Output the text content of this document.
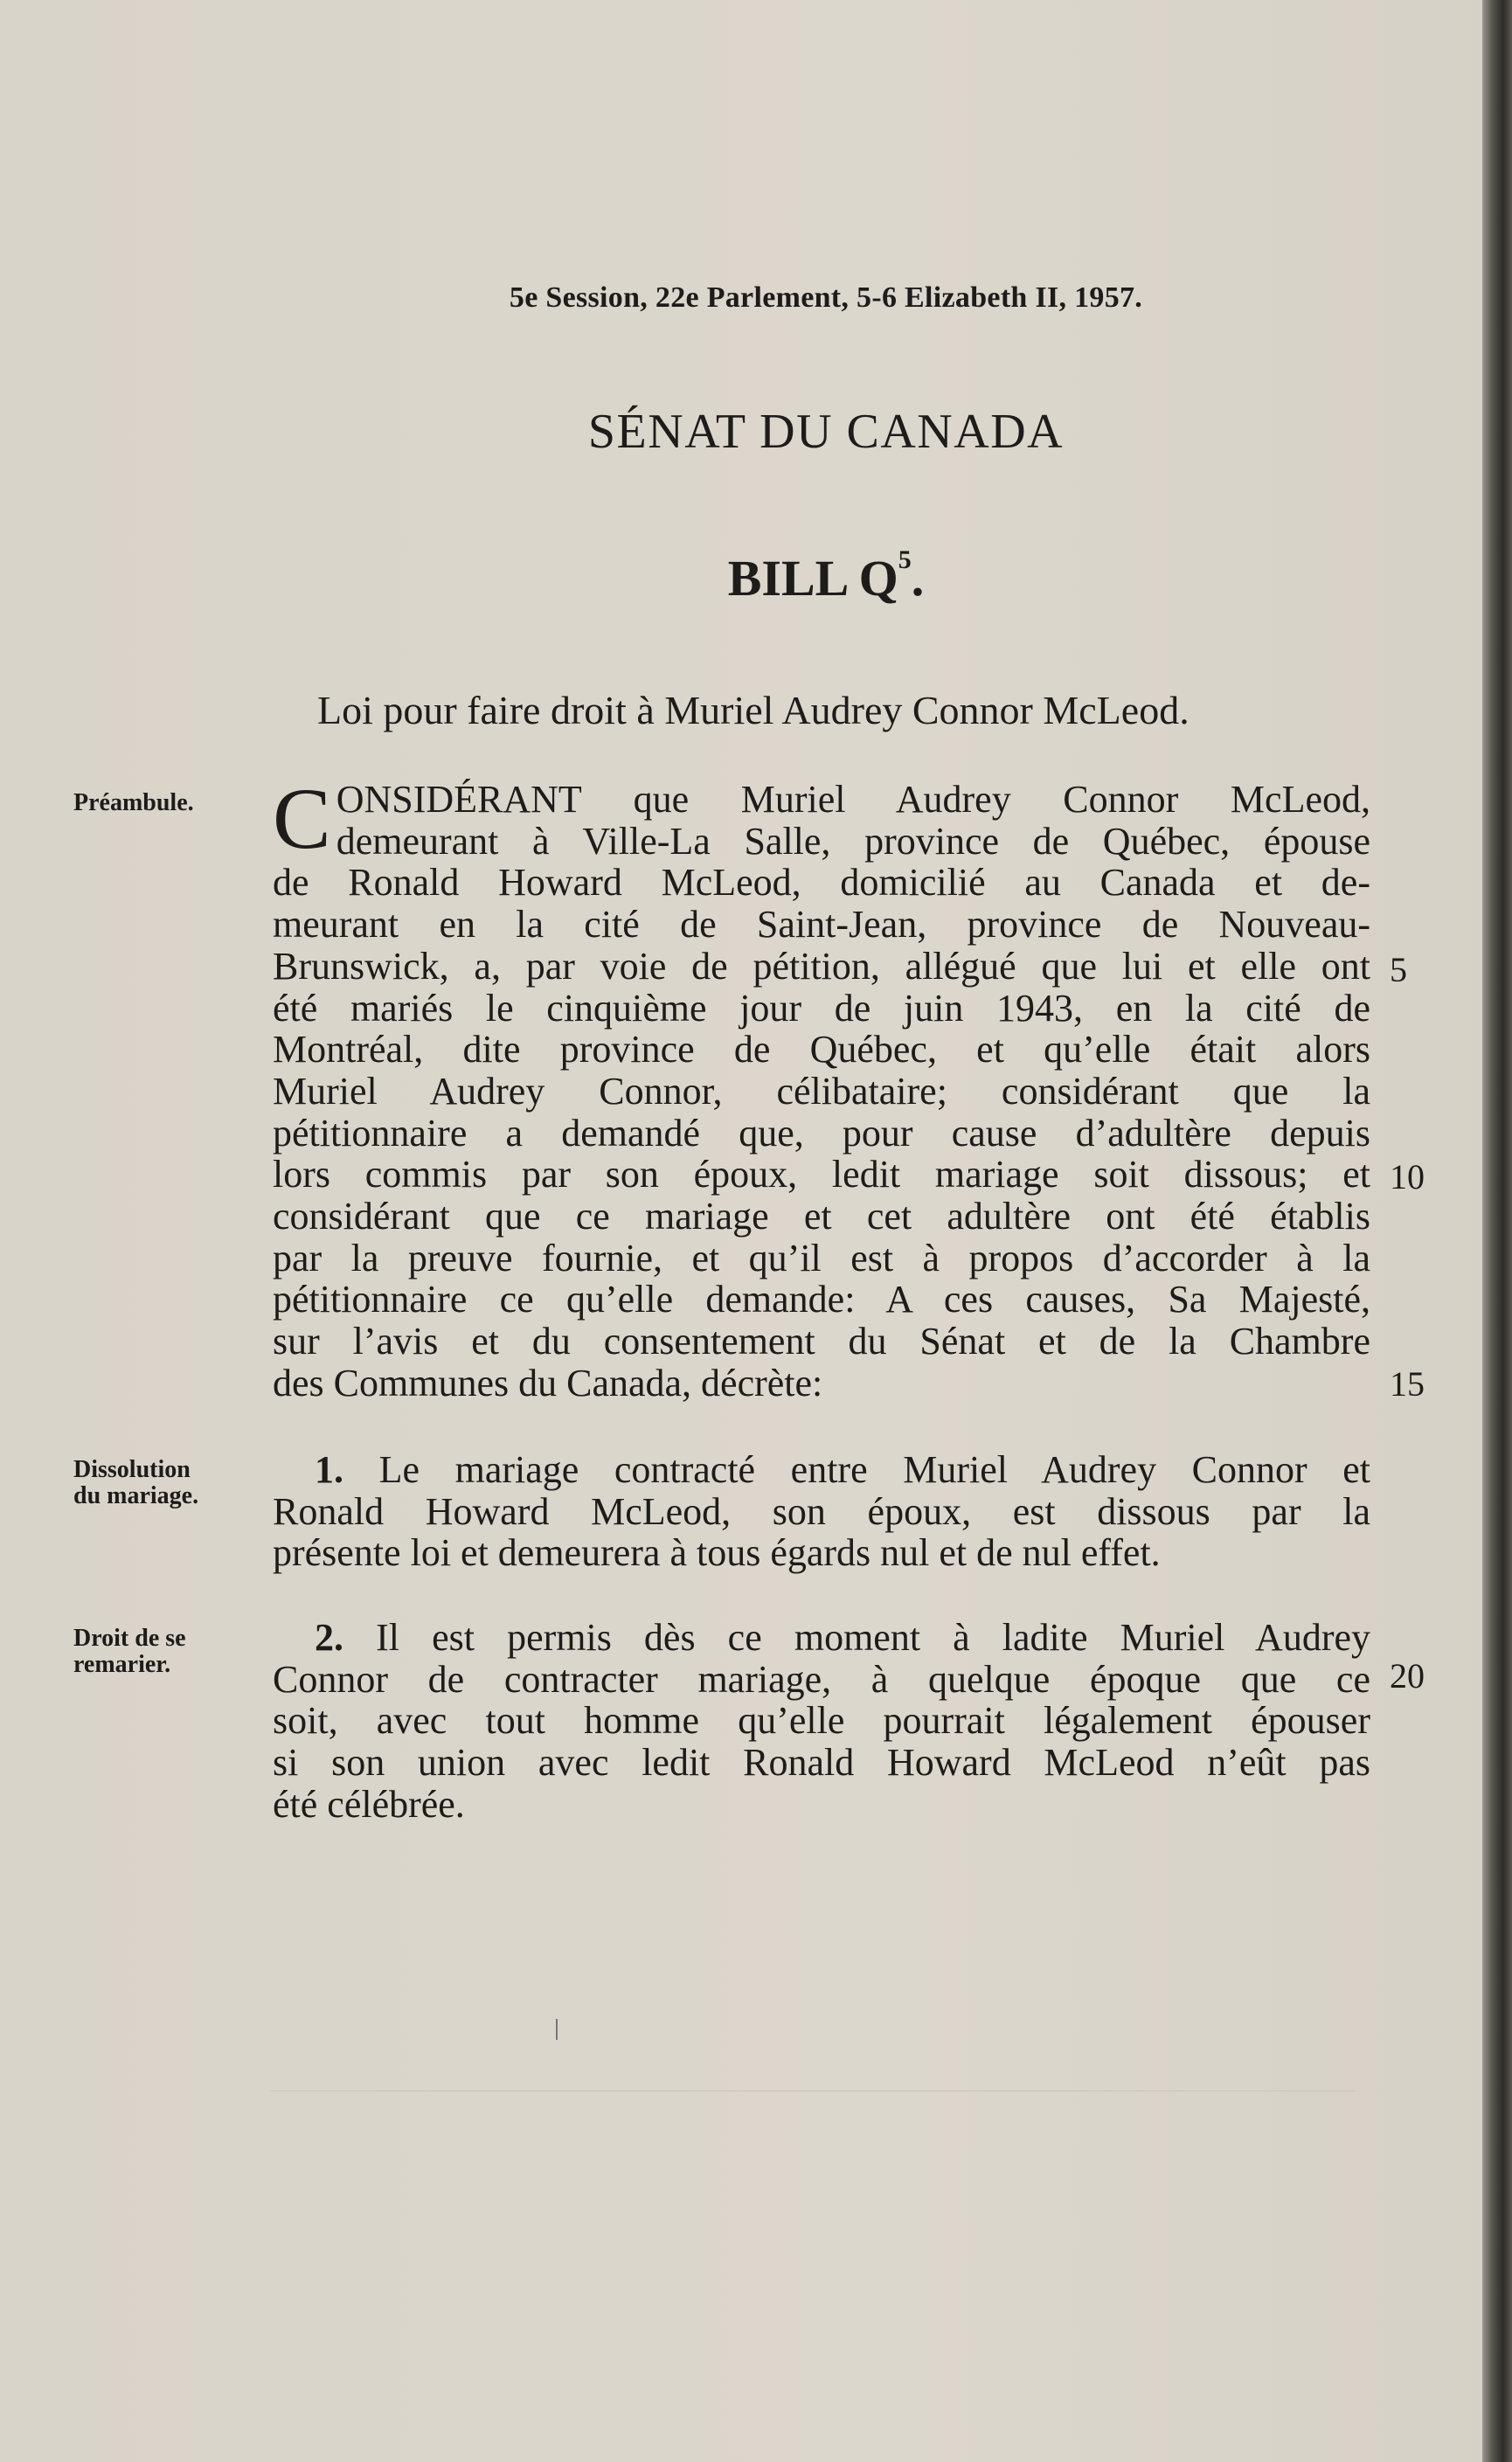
5e Session, 22e Parlement, 5-6 Elizabeth II, 1957.
SÉNAT DU CANADA
BILL $Q^5$.
Loi pour faire droit à Muriel Audrey Connor McLeod.
Préambule. C ONSIDÉRANT que Muriel Audrey Connor McLeod,
demeurant à Ville-La Salle, province de Québec, épouse
de Ronald Howard McLeod, domicilié au Canada et de-
meurant en la cité de Saint-Jean, province de Nouveau-
Brunswick, a, par voie de pétition, allégué que lui et elle ont
été mariés le cinquième jour de juin 1943, en la cité de
Montréal, dite province de Québec, et qu’elle était alors
Muriel Audrey Connor, célibataire; considérant que la
pétitionnaire a demandé que, pour cause d’adultère depuis
lors commis par son époux, ledit mariage soit dissous; et
considérant que ce mariage et cet adultère ont été établis
par la preuve fournie, et qu’il est à propos d’accorder à la
pétitionnaire ce qu’elle demande: A ces causes, Sa Majesté,
sur l’avis et du consentement du Sénat et de la Chambre
des Communes du Canada, décrète:
Dissolution
du mariage.
1. Le mariage contracté entre Muriel Audrey Connor et
Ronald Howard McLeod, son époux, est dissous par la
présente loi et demeurera à tous égards nul et de nul effet.
Droit de se
remarier.
2. Il est permis dès ce moment à ladite Muriel Audrey
Connor de contracter mariage, à quelque époque que ce
soit, avec tout homme qu’elle pourrait légalement épouser
si son union avec ledit Ronald Howard McLeod n’eût pas
été célébrée.
5
10
15
20
